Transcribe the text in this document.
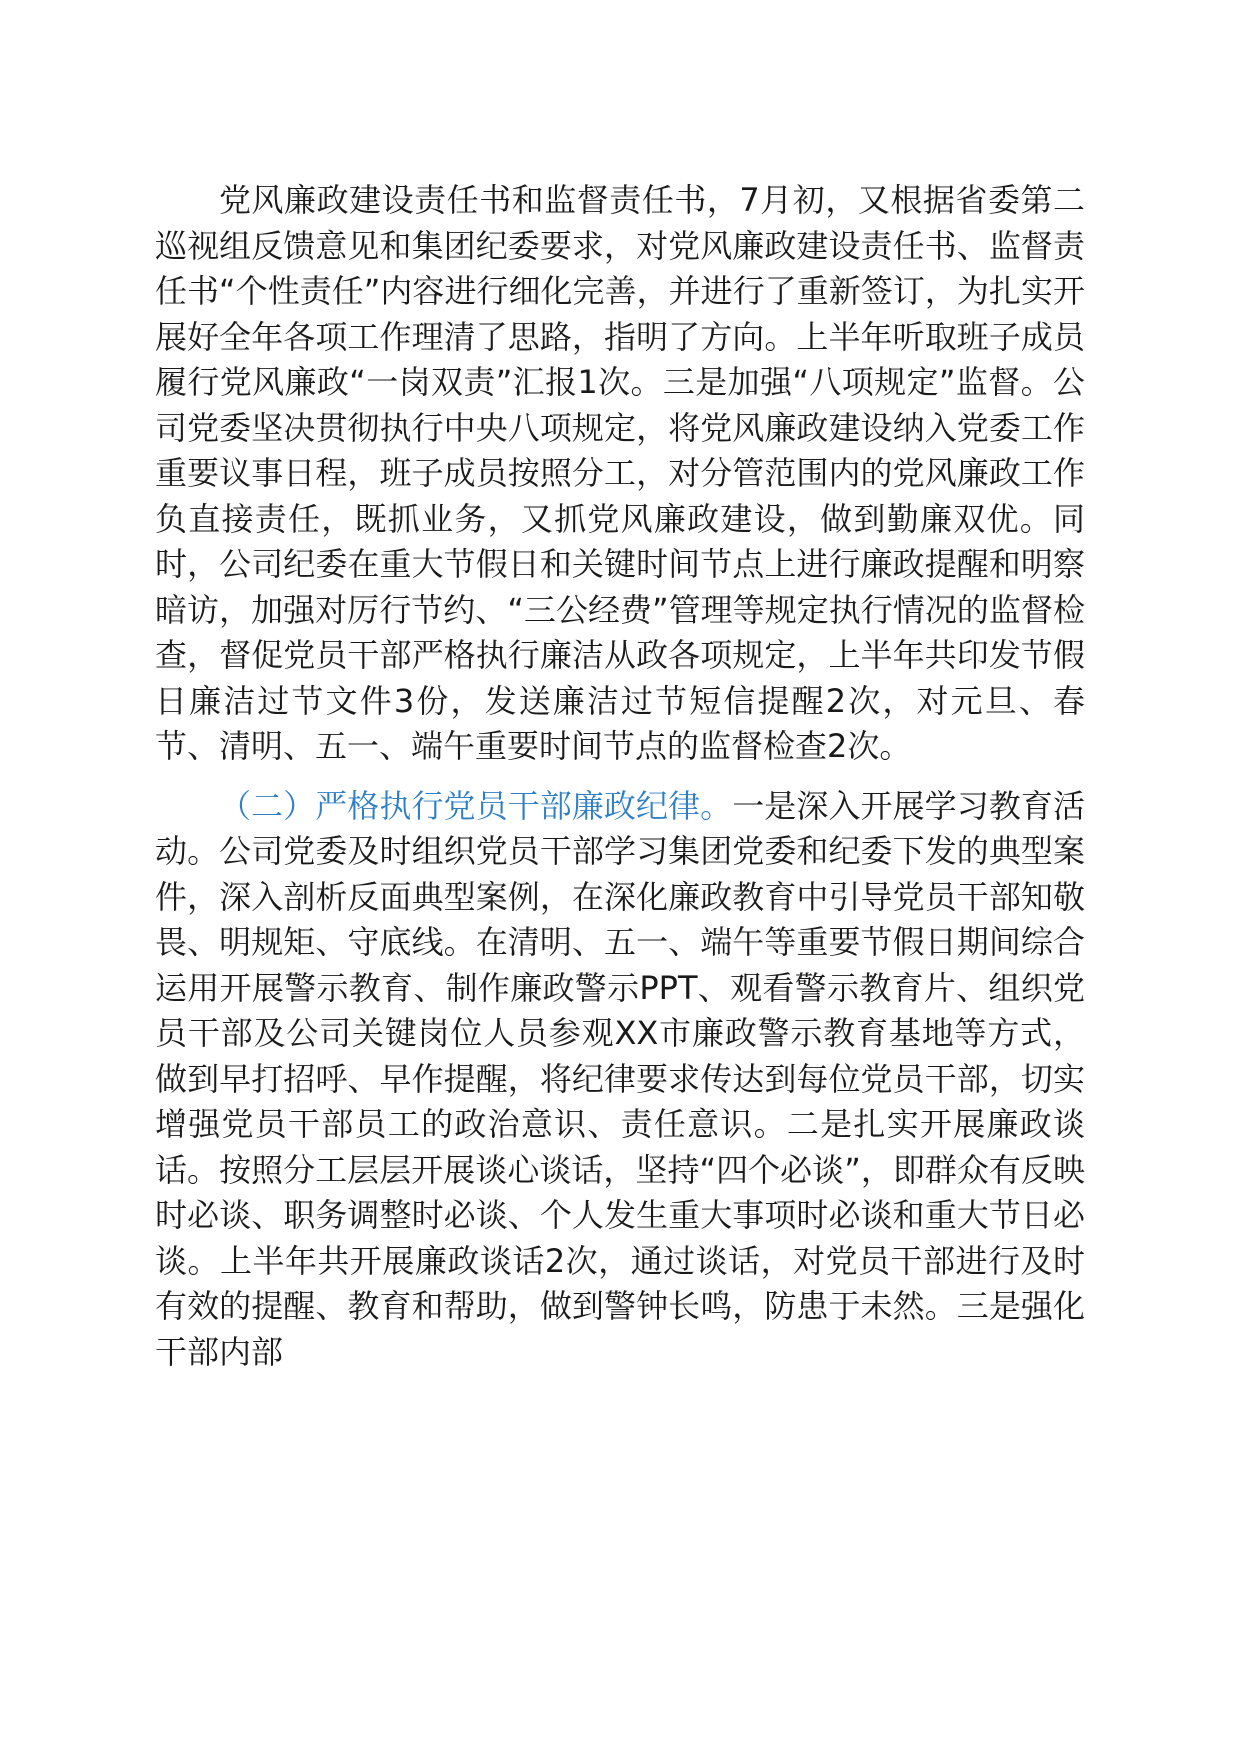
党风廉政建设责任书和监督责任书，7月初，又根据省委第二巡视组反馈意见和集团纪委要求，对党风廉政建设责任书、监督责任书“个性责任”内容进行细化完善，并进行了重新签订，为扎实开展好全年各项工作理清了思路，指明了方向。上半年听取班子成员履行党风廉政“一岗双责”汇报1次。三是加强“八项规定”监督。公司党委坚决贯彻执行中央八项规定，将党风廉政建设纳入党委工作重要议事日程，班子成员按照分工，对分管范围内的党风廉政工作负直接责任，既抓业务，又抓党风廉政建设，做到勤廉双优。同时，公司纪委在重大节假日和关键时间节点上进行廉政提醒和明察暗访，加强对厉行节约、“三公经费”管理等规定执行情况的监督检查，督促党员干部严格执行廉洁从政各项规定，上半年共印发节假日廉洁过节文件3份，发送廉洁过节短信提醒2次，对元旦、春节、清明、五一、端午重要时间节点的监督检查2次。

（二）严格执行党员干部廉政纪律。一是深入开展学习教育活动。公司党委及时组织党员干部学习集团党委和纪委下发的典型案件，深入剖析反面典型案例，在深化廉政教育中引导党员干部知敬畏、明规矩、守底线。在清明、五一、端午等重要节假日期间综合运用开展警示教育、制作廉政警示PPT、观看警示教育片、组织党员干部及公司关键岗位人员参观XX市廉政警示教育基地等方式，做到早打招呼、早作提醒，将纪律要求传达到每位党员干部，切实增强党员干部员工的政治意识、责任意识。二是扎实开展廉政谈话。按照分工层层开展谈心谈话，坚持“四个必谈”，即群众有反映时必谈、职务调整时必谈、个人发生重大事项时必谈和重大节日必谈。上半年共开展廉政谈话2次，通过谈话，对党员干部进行及时有效的提醒、教育和帮助，做到警钟长鸣，防患于未然。三是强化干部内部
